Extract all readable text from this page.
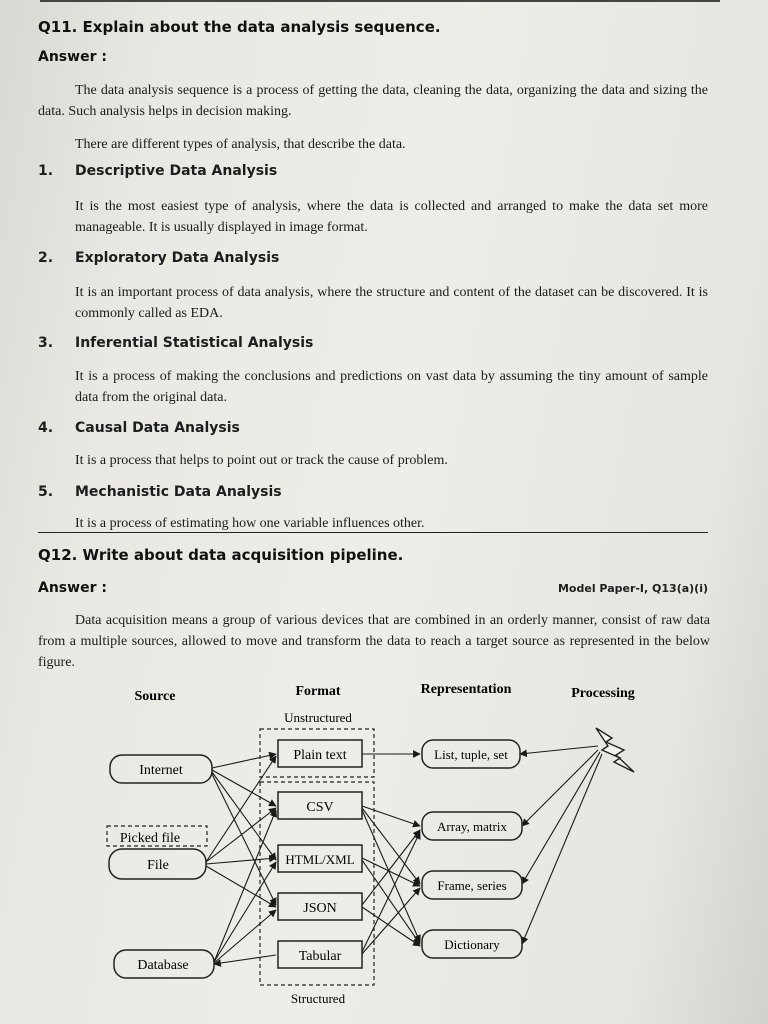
Q11. Explain about the data analysis sequence.
Answer :
The data analysis sequence is a process of getting the data, cleaning the data, organizing the data and sizing the data. Such analysis helps in decision making.
There are different types of analysis, that describe the data.
1. Descriptive Data Analysis
It is the most easiest type of analysis, where the data is collected and arranged to make the data set more manageable. It is usually displayed in image format.
2. Exploratory Data Analysis
It is an important process of data analysis, where the structure and content of the dataset can be discovered. It is commonly called as EDA.
3. Inferential Statistical Analysis
It is a process of making the conclusions and predictions on vast data by assuming the tiny amount of sample data from the original data.
4. Causal Data Analysis
It is a process that helps to point out or track the cause of problem.
5. Mechanistic Data Analysis
It is a process of estimating how one variable influences other.
Q12. Write about data acquisition pipeline.
Answer :	Model Paper-I, Q13(a)(i)
Data acquisition means a group of various devices that are combined in an orderly manner, consist of raw data from a multiple sources, allowed to move and transform the data to reach a target source as represented in the below figure.
Source	Format	Representation	Processing
Unstructured
Structured
Internet
Picked file
File
Database
Plain text
CSV
HTML/XML
JSON
Tabular
List, tuple, set
Array, matrix
Frame, series
Dictionary
